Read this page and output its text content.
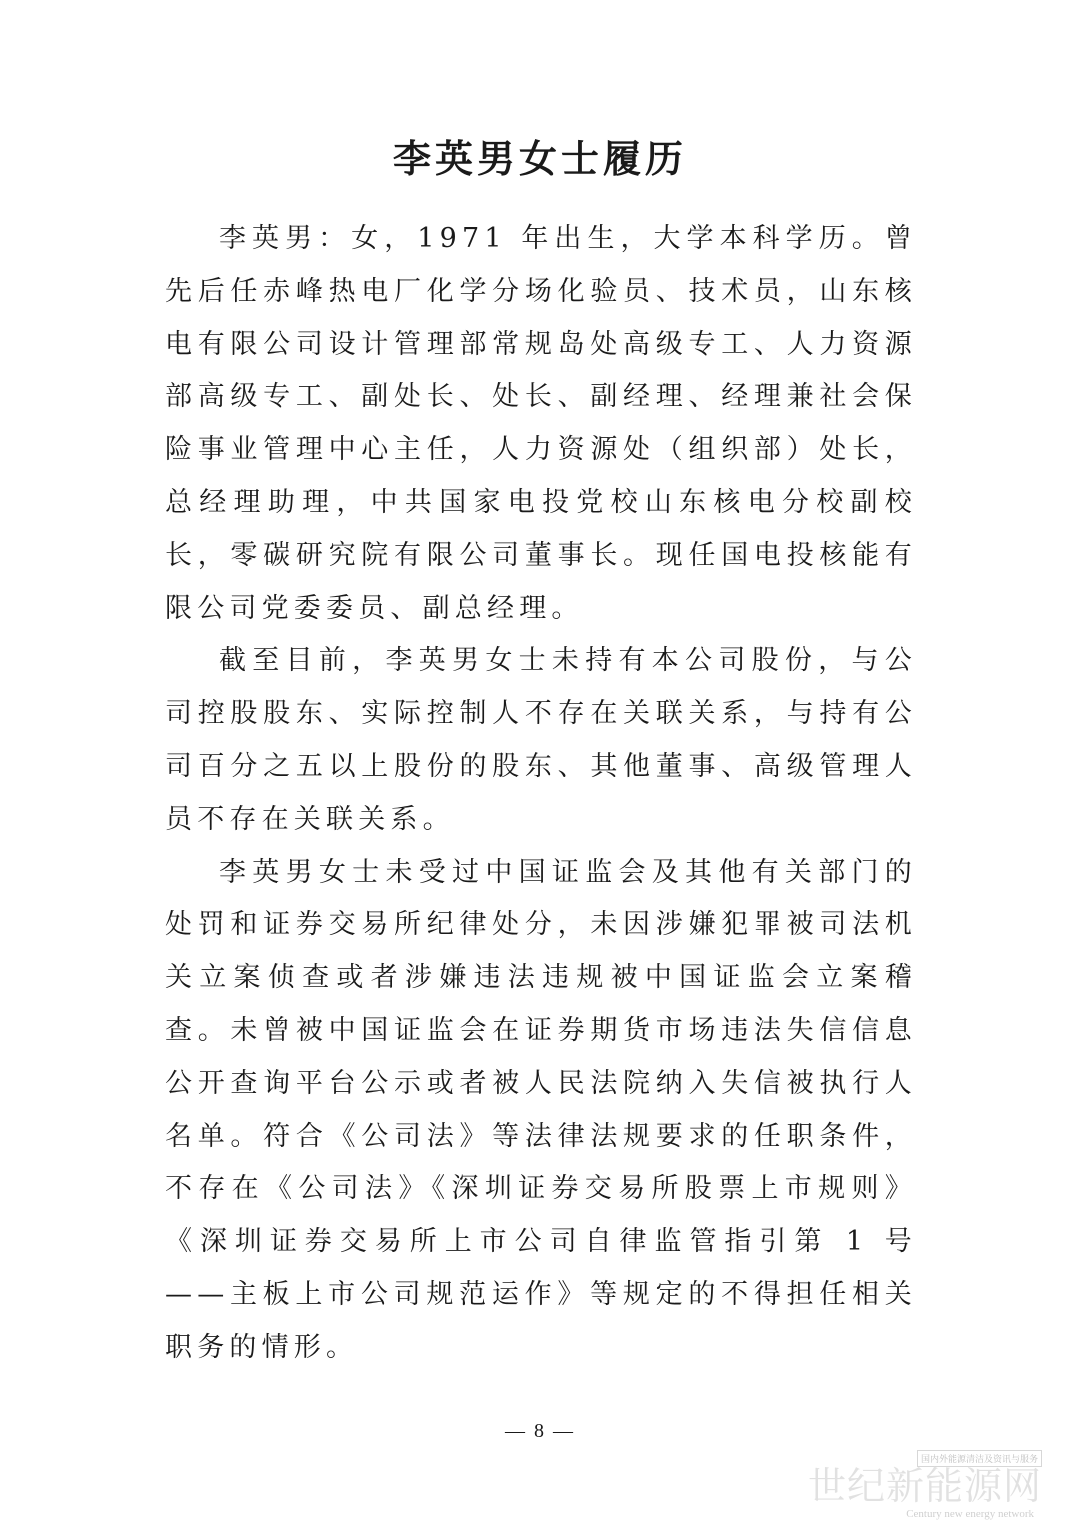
李英男女士履历

李英男：女，1971 年出生，大学本科学历。曾先后任赤峰热电厂化学分场化验员、技术员，山东核电有限公司设计管理部常规岛处高级专工、人力资源部高级专工、副处长、处长、副经理、经理兼社会保险事业管理中心主任，人力资源处（组织部）处长，总经理助理，中共国家电投党校山东核电分校副校长，零碳研究院有限公司董事长。现任国电投核能有限公司党委委员、副总经理。

截至目前，李英男女士未持有本公司股份，与公司控股股东、实际控制人不存在关联关系，与持有公司百分之五以上股份的股东、其他董事、高级管理人员不存在关联关系。

李英男女士未受过中国证监会及其他有关部门的处罚和证券交易所纪律处分，未因涉嫌犯罪被司法机关立案侦查或者涉嫌违法违规被中国证监会立案稽查。未曾被中国证监会在证券期货市场违法失信信息公开查询平台公示或者被人民法院纳入失信被执行人名单。符合《公司法》等法律法规要求的任职条件，不存在《公司法》《深圳证券交易所股票上市规则》《深圳证券交易所上市公司自律监管指引第 1 号——主板上市公司规范运作》等规定的不得担任相关职务的情形。

— 8 —
国内外能源清洁及资讯与服务
世纪新能源网
Century new energy network
